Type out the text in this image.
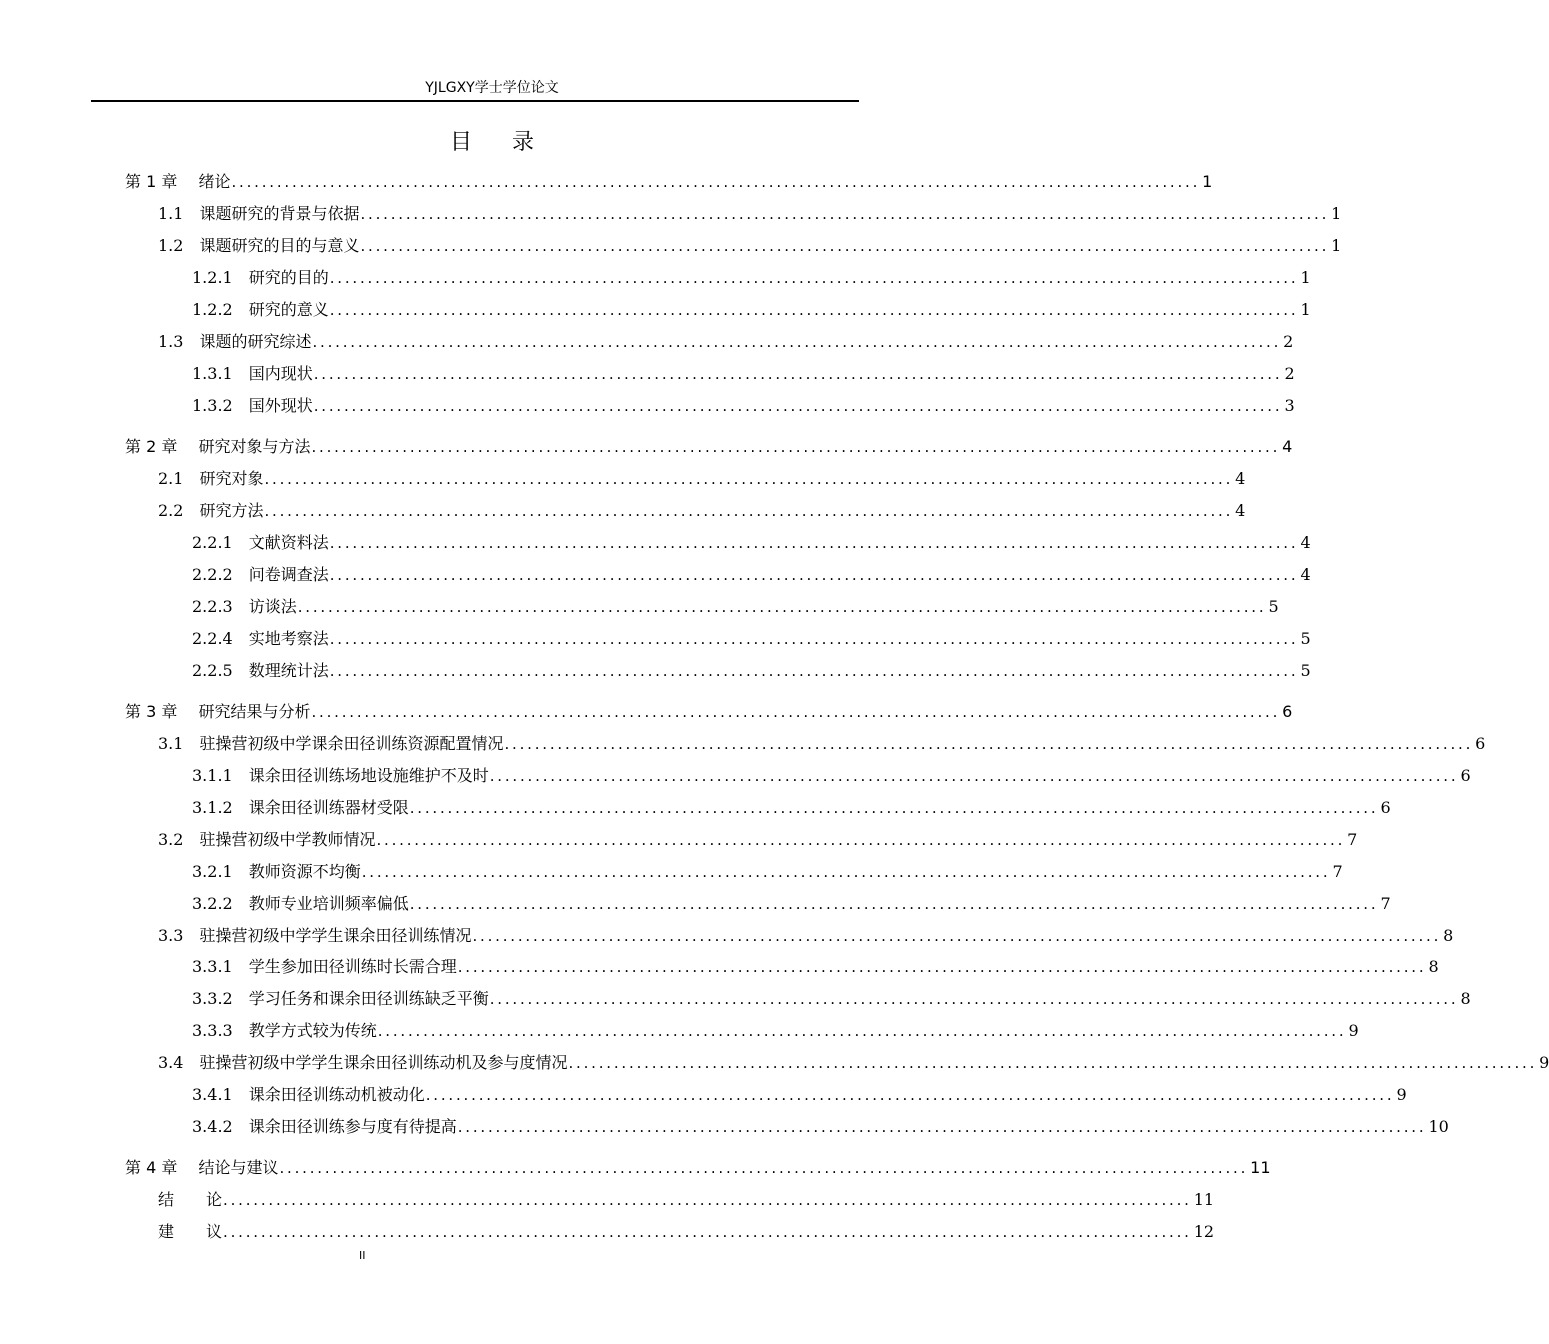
YJLGXY学士学位论文
目录
第 1 章　 绪论 ................................................................................................................................ 1
1.1　课题研究的背景与依据 ................................................................................................................................ 1
1.2　课题研究的目的与意义 ................................................................................................................................ 1
1.2.1　研究的目的 ................................................................................................................................ 1
1.2.2　研究的意义 ................................................................................................................................ 1
1.3　课题的研究综述 ................................................................................................................................ 2
1.3.1　国内现状 ................................................................................................................................ 2
1.3.2　国外现状 ................................................................................................................................ 3
第 2 章　 研究对象与方法 ................................................................................................................................ 4
2.1　研究对象 ................................................................................................................................ 4
2.2　研究方法 ................................................................................................................................ 4
2.2.1　文献资料法 ................................................................................................................................ 4
2.2.2　问卷调查法 ................................................................................................................................ 4
2.2.3　访谈法 ................................................................................................................................ 5
2.2.4　实地考察法 ................................................................................................................................ 5
2.2.5　数理统计法 ................................................................................................................................ 5
第 3 章　 研究结果与分析 ................................................................................................................................ 6
3.1　驻操营初级中学课余田径训练资源配置情况 ................................................................................................................................ 6
3.1.1　课余田径训练场地设施维护不及时 ................................................................................................................................ 6
3.1.2　课余田径训练器材受限 ................................................................................................................................ 6
3.2　驻操营初级中学教师情况 ................................................................................................................................ 7
3.2.1　教师资源不均衡 ................................................................................................................................ 7
3.2.2　教师专业培训频率偏低 ................................................................................................................................ 7
3.3　驻操营初级中学学生课余田径训练情况 ................................................................................................................................ 8
3.3.1　学生参加田径训练时长需合理 ................................................................................................................................ 8
3.3.2　学习任务和课余田径训练缺乏平衡 ................................................................................................................................ 8
3.3.3　教学方式较为传统 ................................................................................................................................ 9
3.4　驻操营初级中学学生课余田径训练动机及参与度情况 ................................................................................................................................ 9
3.4.1　课余田径训练动机被动化 ................................................................................................................................ 9
3.4.2　课余田径训练参与度有待提高 ................................................................................................................................ 10
第 4 章　 结论与建议 ................................................................................................................................ 11
结　　论 ................................................................................................................................ 11
建　　议 ................................................................................................................................ 12
II
